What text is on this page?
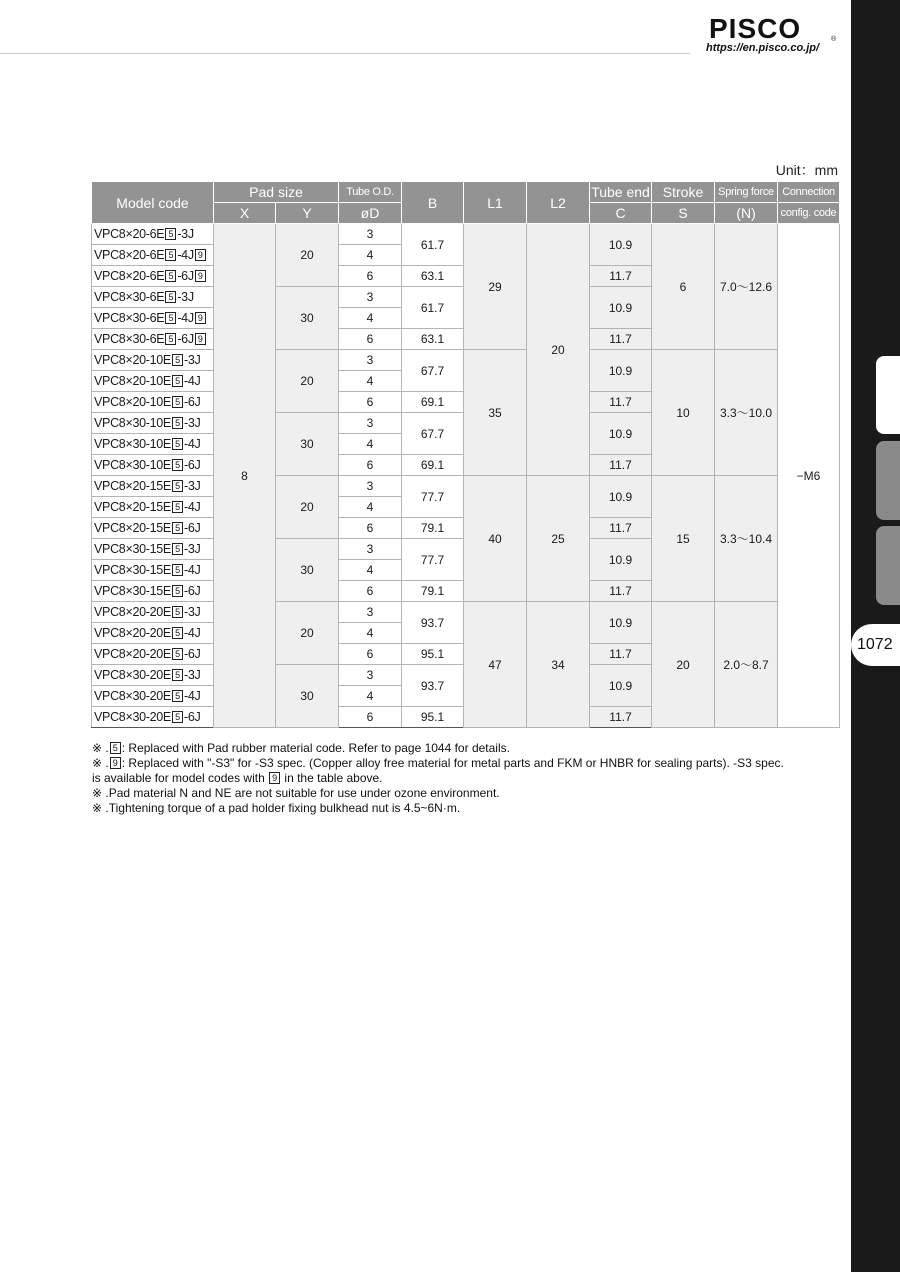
PISCO	®
https://en.pisco.co.jp/
1072
Unit：mm
Model code	Pad size		Tube O.D.	B	L1	L2	Tube end	Stroke	Spring force	Connection
	X	Y	øD				C	S	(N)	config. code
VPC8×20-6E 5 -3J	8	20	3	61.7	29	20	10.9	6	7.0～12.6	−M6
VPC8×20-6E 5 -4J 9			4							
VPC8×20-6E 5 -6J 9			6	63.1			11.7			
VPC8×30-6E 5 -3J		30	3	61.7			10.9			
VPC8×30-6E 5 -4J 9			4							
VPC8×30-6E 5 -6J 9			6	63.1			11.7			
VPC8×20-10E 5 -3J		20	3	67.7	35		10.9	10	3.3～10.0	
VPC8×20-10E 5 -4J			4							
VPC8×20-10E 5 -6J			6	69.1			11.7			
VPC8×30-10E 5 -3J		30	3	67.7			10.9			
VPC8×30-10E 5 -4J			4							
VPC8×30-10E 5 -6J			6	69.1			11.7			
VPC8×20-15E 5 -3J		20	3	77.7	40	25	10.9	15	3.3～10.4	
VPC8×20-15E 5 -4J			4							
VPC8×20-15E 5 -6J			6	79.1			11.7			
VPC8×30-15E 5 -3J		30	3	77.7			10.9			
VPC8×30-15E 5 -4J			4							
VPC8×30-15E 5 -6J			6	79.1			11.7			
VPC8×20-20E 5 -3J		20	3	93.7	47	34	10.9	20	2.0～8.7	
VPC8×20-20E 5 -4J			4							
VPC8×20-20E 5 -6J			6	95.1			11.7			
VPC8×30-20E 5 -3J		30	3	93.7			10.9			
VPC8×30-20E 5 -4J			4							
VPC8×30-20E 5 -6J			6	95.1			11.7			

※ . 5 : Replaced with Pad rubber material code. Refer to page 1044 for details.

※ . 9 : Replaced with "-S3" for -S3 spec. (Copper alloy free material for metal parts and FKM or HNBR for sealing parts). -S3 spec.

is available for model codes with 9 in the table above.

※ .Pad material N and NE are not suitable for use under ozone environment.

※ .Tightening torque of a pad holder fixing bulkhead nut is 4.5~6N·m.
